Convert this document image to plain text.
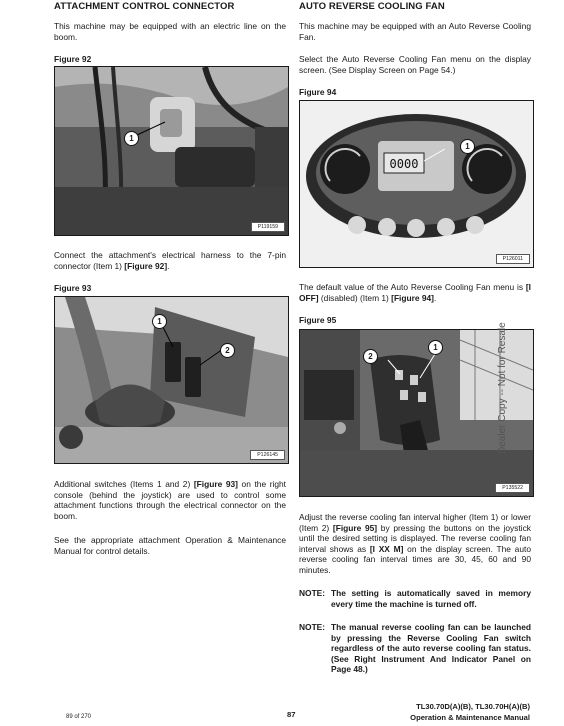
ATTACHMENT CONTROL CONNECTOR
This machine may be equipped with an electric line on the boom.
Figure 92
1
P119159
Connect the attachment's electrical harness to the 7-pin connector (Item 1) [Figure 92].
Figure 93
1
2
P126145
Additional switches (Items 1 and 2) [Figure 93] on the right console (behind the joystick) are used to control some attachment functions through the electrical connector on the boom.
See the appropriate attachment Operation & Maintenance Manual for control details.
AUTO REVERSE COOLING FAN
This machine may be equipped with an Auto Reverse Cooling Fan.
Select the Auto Reverse Cooling Fan menu on the display screen. (See Display Screen on Page 54.)
Figure 94
0000
1
P126011
The default value of the Auto Reverse Cooling Fan menu is [I OFF] (disabled) (Item 1) [Figure 94].
Figure 95
1
2
P135522
Adjust the reverse cooling fan interval higher (Item 1) or lower (Item 2) [Figure 95] by pressing the buttons on the joystick until the desired setting is displayed. The reverse cooling fan interval shows as [I XX M] on the display screen. The auto reverse cooling fan interval times are 30, 45, 60 and 90 minutes.
NOTE: The setting is automatically saved in memory every time the machine is turned off.
NOTE: The manual reverse cooling fan can be launched by pressing the Reverse Cooling Fan switch regardless of the auto reverse cooling fan status. (See Right Instrument And Indicator Panel on Page 48.)
Dealer Copy -- Not for Resale
89 of 270	87
TL30.70D(A)(B), TL30.70H(A)(B)
Operation & Maintenance Manual
